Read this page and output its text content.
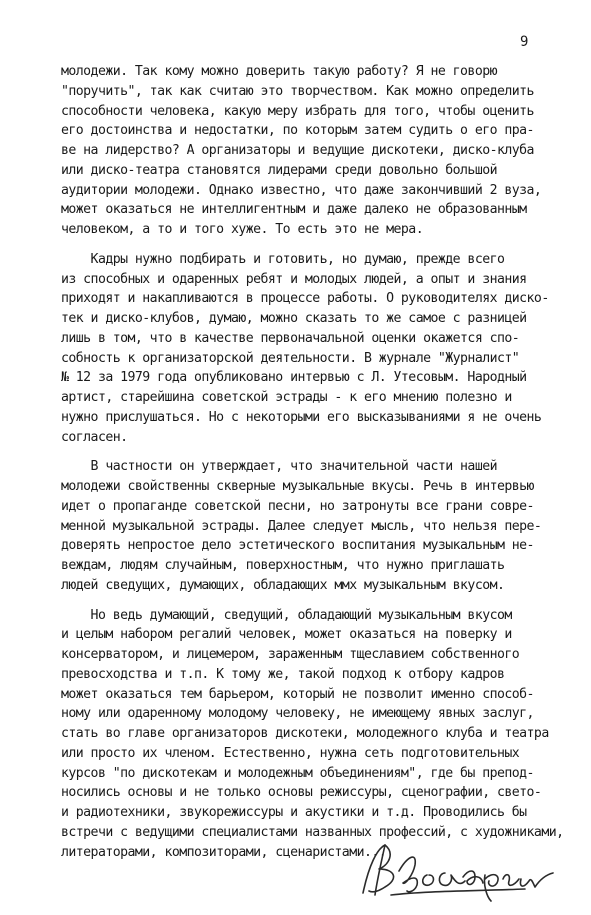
9
молодежи. Так кому можно доверить такую работу? Я не говорю
"поручить", так как считаю это творчеством. Как можно определить
способности человека, какую меру избрать для того, чтобы оценить
его достоинства и недостатки, по которым затем судить о его пра-
ве на лидерство? А организаторы и ведущие дискотеки, диско-клуба
или диско-театра становятся лидерами среди довольно большой
аудитории молодежи. Однако известно, что даже закончивший 2 вуза,
может оказаться не интеллигентным и даже далеко не образованным
человеком, а то и того хуже. То есть это не мера.
Кадры нужно подбирать и готовить, но думаю, прежде всего
из способных и одаренных ребят и молодых людей, а опыт и знания
приходят и накапливаются в процессе работы. О руководителях диско-
тек и диско-клубов, думаю, можно сказать то же самое с разницей
лишь в том, что в качестве первоначальной оценки окажется спо-
собность к организаторской деятельности. В журнале "Журналист"
№ 12 за 1979 года опубликовано интервью с Л. Утесовым. Народный
артист, старейшина советской эстрады - к его мнению полезно и
нужно прислушаться. Но с некоторыми его высказываниями я не очень
согласен.
В частности он утверждает, что значительной части нашей
молодежи свойственны скверные музыкальные вкусы. Речь в интервью
идет о пропаганде советской песни, но затронуты все грани совре-
менной музыкальной эстрады. Далее следует мысль, что нельзя пере-
доверять непростое дело эстетического воспитания музыкальным не-
веждам, людям случайным, поверхностным, что нужно приглашать
людей сведущих, думающих, обладающих ммх музыкальным вкусом.
Но ведь думающий, сведущий, обладающий музыкальным вкусом
и целым набором регалий человек, может оказаться на поверку и
консерватором, и лицемером, зараженным тщеславием собственного
превосходства и т.п. К тому же, такой подход к отбору кадров
может оказаться тем барьером, который не позволит именно способ-
ному или одаренному молодому человеку, не имеющему явных заслуг,
стать во главе организаторов дискотеки, молодежного клуба и театра
или просто их членом. Естественно, нужна сеть подготовительных
курсов "по дискотекам и молодежным объединениям", где бы препод-
носились основы и не только основы режиссуры, сценографии, свето-
и радиотехники, звукорежиссуры и акустики и т.д. Проводились бы
встречи с ведущими специалистами названных профессий, с художниками,
литераторами, композиторами, сценаристами...
